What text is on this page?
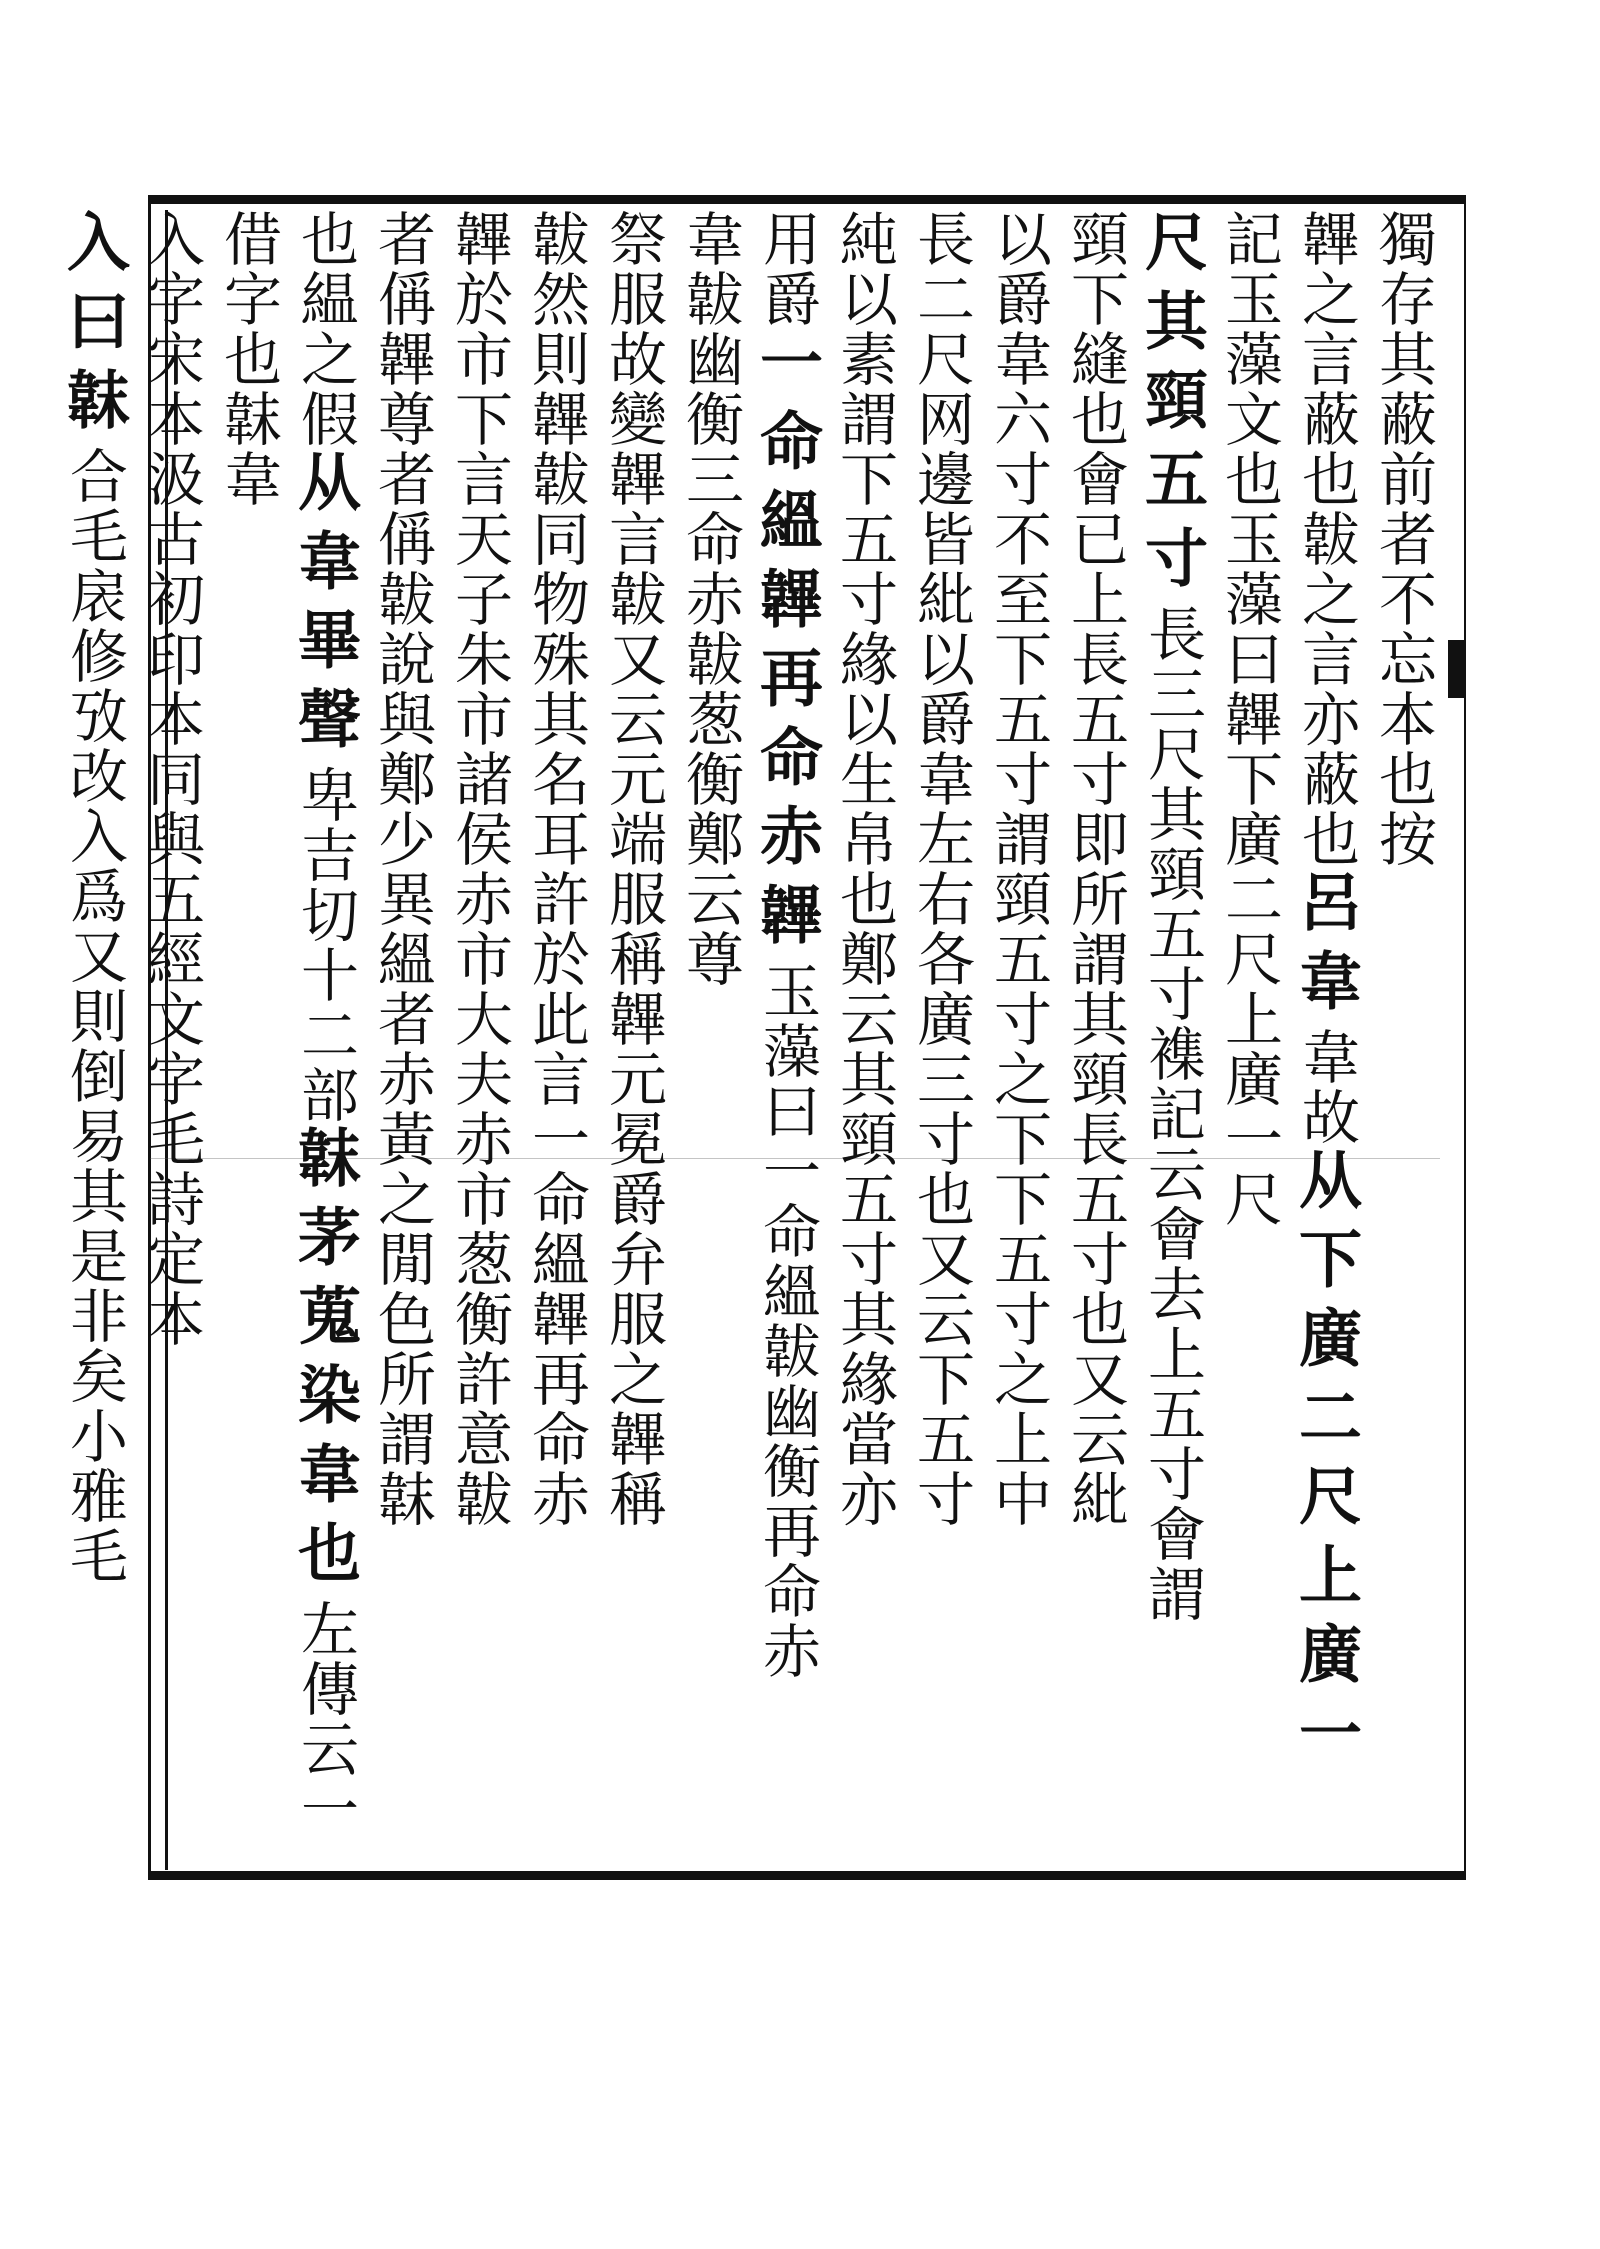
獨存其蔽前者不忘本也按
韠之言蔽也韍之言亦蔽也呂韋韋故从下廣二尺上廣一
記玉藻文也玉藻曰韠下廣二尺上廣一尺
尺其頸五寸長三尺其頸五寸襍記云會去上五寸會謂
頸下縫也會已上長五寸即所謂其頸長五寸也又云紕
以爵韋六寸不至下五寸謂頸五寸之下下五寸之上中
長二尺网邊皆紕以爵韋左右各廣三寸也又云下五寸
純以素謂下五寸緣以生帛也鄭云其頸五寸其緣當亦
用爵一命縕韠再命赤韠玉藻曰一命縕韍幽衡再命赤
韋韍幽衡三命赤韍葱衡鄭云尊
祭服故變韠言韍又云元端服稱韠元冕爵弁服之韠稱
韍然則韠韍同物殊其名耳許於此言一命縕韠再命赤
韠於市下言天子朱市諸侯赤市大夫赤市葱衡許意韍
者偁韠尊者偁韍說與鄭少異縕者赤黃之閒色所謂韎
也緼之假从韋畢聲卑吉切十二部韎茅蒐染韋也左傳云一
借字也韎韋
入字宋本汲古初印本同與五經文字毛詩定本
入曰韎合毛扆修攷改入爲又則倒易其是非矣小雅毛
